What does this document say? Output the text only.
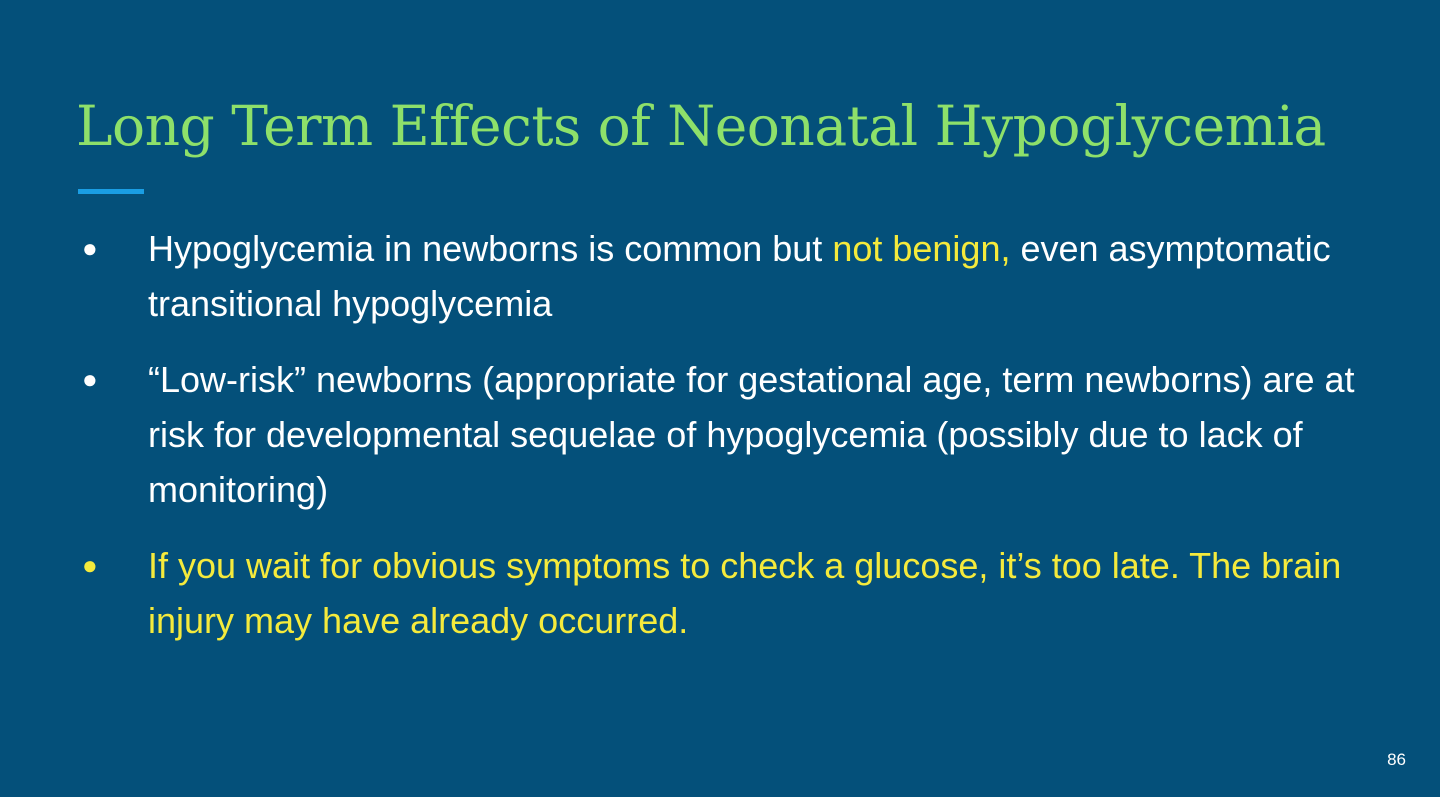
Long Term Effects of Neonatal Hypoglycemia
● Hypoglycemia in newborns is common but not benign, even asymptomatic transitional hypoglycemia
● “Low-risk” newborns (appropriate for gestational age, term newborns) are at risk for developmental sequelae of hypoglycemia (possibly due to lack of monitoring)
● If you wait for obvious symptoms to check a glucose, it’s too late. The brain injury may have already occurred.
86
